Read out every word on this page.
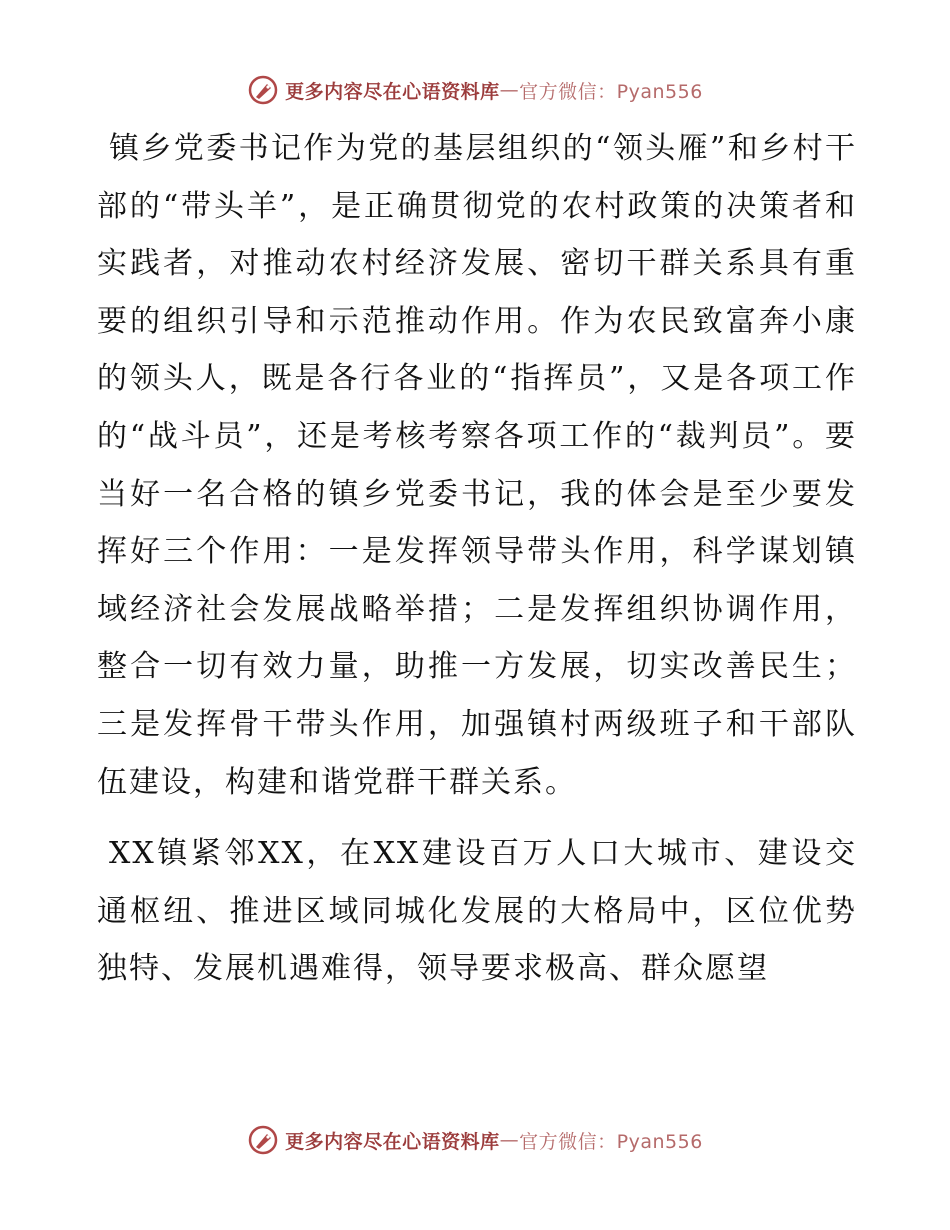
更多内容尽在心语资料库 — 官方微信：Pyan556

镇乡党委书记作为党的基层组织的“领头雁”和乡村干部的“带头羊”，是正确贯彻党的农村政策的决策者和实践者，对推动农村经济发展、密切干群关系具有重要的组织引导和示范推动作用。作为农民致富奔小康的领头人，既是各行各业的“指挥员”，又是各项工作的“战斗员”，还是考核考察各项工作的“裁判员”。要当好一名合格的镇乡党委书记，我的体会是至少要发挥好三个作用：一是发挥领导带头作用，科学谋划镇域经济社会发展战略举措；二是发挥组织协调作用，整合一切有效力量，助推一方发展，切实改善民生；三是发挥骨干带头作用，加强镇村两级班子和干部队伍建设，构建和谐党群干群关系。

XX镇紧邻XX，在XX建设百万人口大城市、建设交通枢纽、推进区域同城化发展的大格局中，区位优势独特、发展机遇难得，领导要求极高、群众愿望

更多内容尽在心语资料库 — 官方微信：Pyan556
